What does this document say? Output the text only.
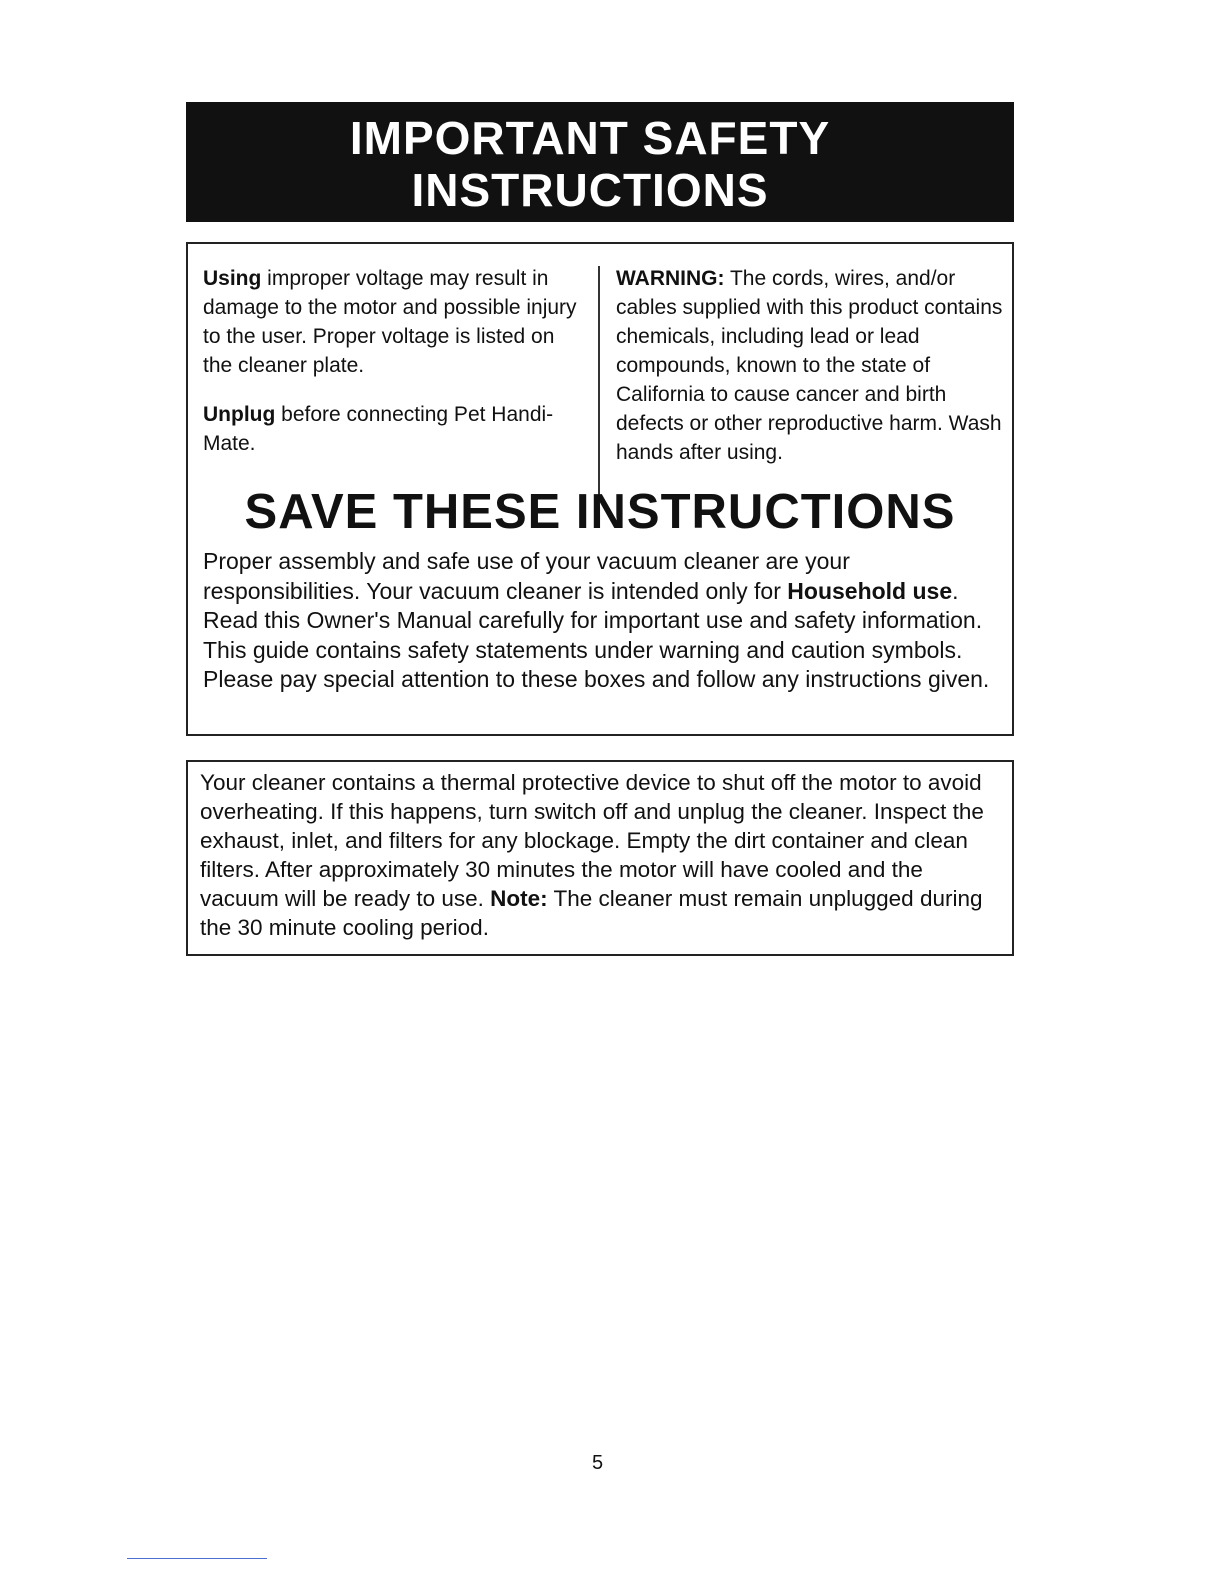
IMPORTANT SAFETY
INSTRUCTIONS

Using improper voltage may result in damage to the motor and possible injury to the user. Proper voltage is listed on the cleaner plate.

Unplug before connecting Pet Handi-Mate.

WARNING: The cords, wires, and/or cables supplied with this product contains chemicals, including lead or lead compounds, known to the state of California to cause cancer and birth defects or other reproductive harm. Wash hands after using.

SAVE THESE INSTRUCTIONS

Proper assembly and safe use of your vacuum cleaner are your responsibilities. Your vacuum cleaner is intended only for Household use. Read this Owner's Manual carefully for important use and safety information. This guide contains safety statements under warning and caution symbols. Please pay special attention to these boxes and follow any instructions given.

Your cleaner contains a thermal protective device to shut off the motor to avoid overheating. If this happens, turn switch off and unplug the cleaner. Inspect the exhaust, inlet, and filters for any blockage. Empty the dirt container and clean filters. After approximately 30 minutes the motor will have cooled and the vacuum will be ready to use. Note: The cleaner must remain unplugged during the 30 minute cooling period.

5
